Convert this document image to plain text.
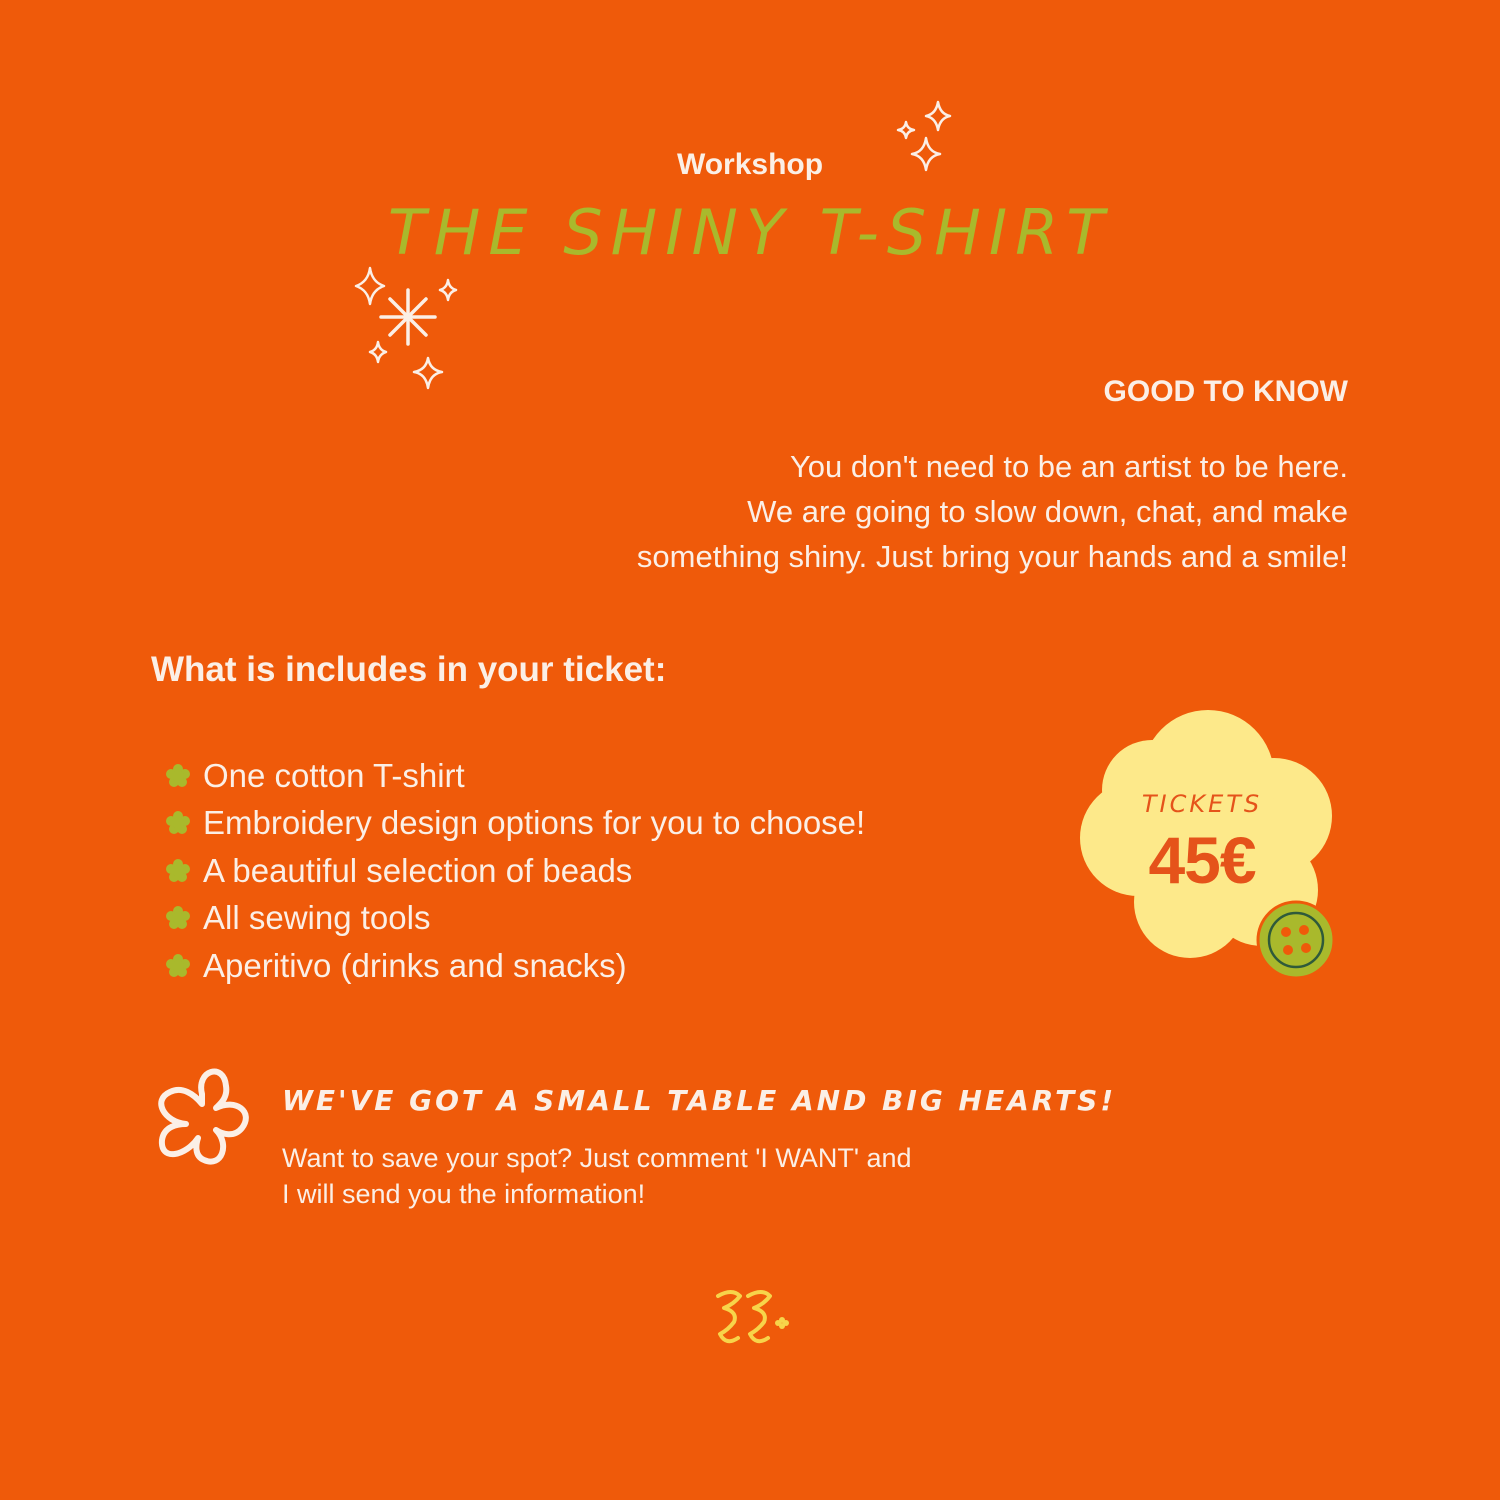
Workshop
THE SHINY T-SHIRT
GOOD TO KNOW
You don't need to be an artist to be here.
We are going to slow down, chat, and make
something shiny. Just bring your hands and a smile!
What is includes in your ticket:
One cotton T-shirt
Embroidery design options for you to choose!
A beautiful selection of beads
All sewing tools
Aperitivo (drinks and snacks)
TICKETS
45€
WE'VE GOT A SMALL TABLE AND BIG HEARTS!
Want to save your spot? Just comment 'I WANT' and
I will send you the information!
